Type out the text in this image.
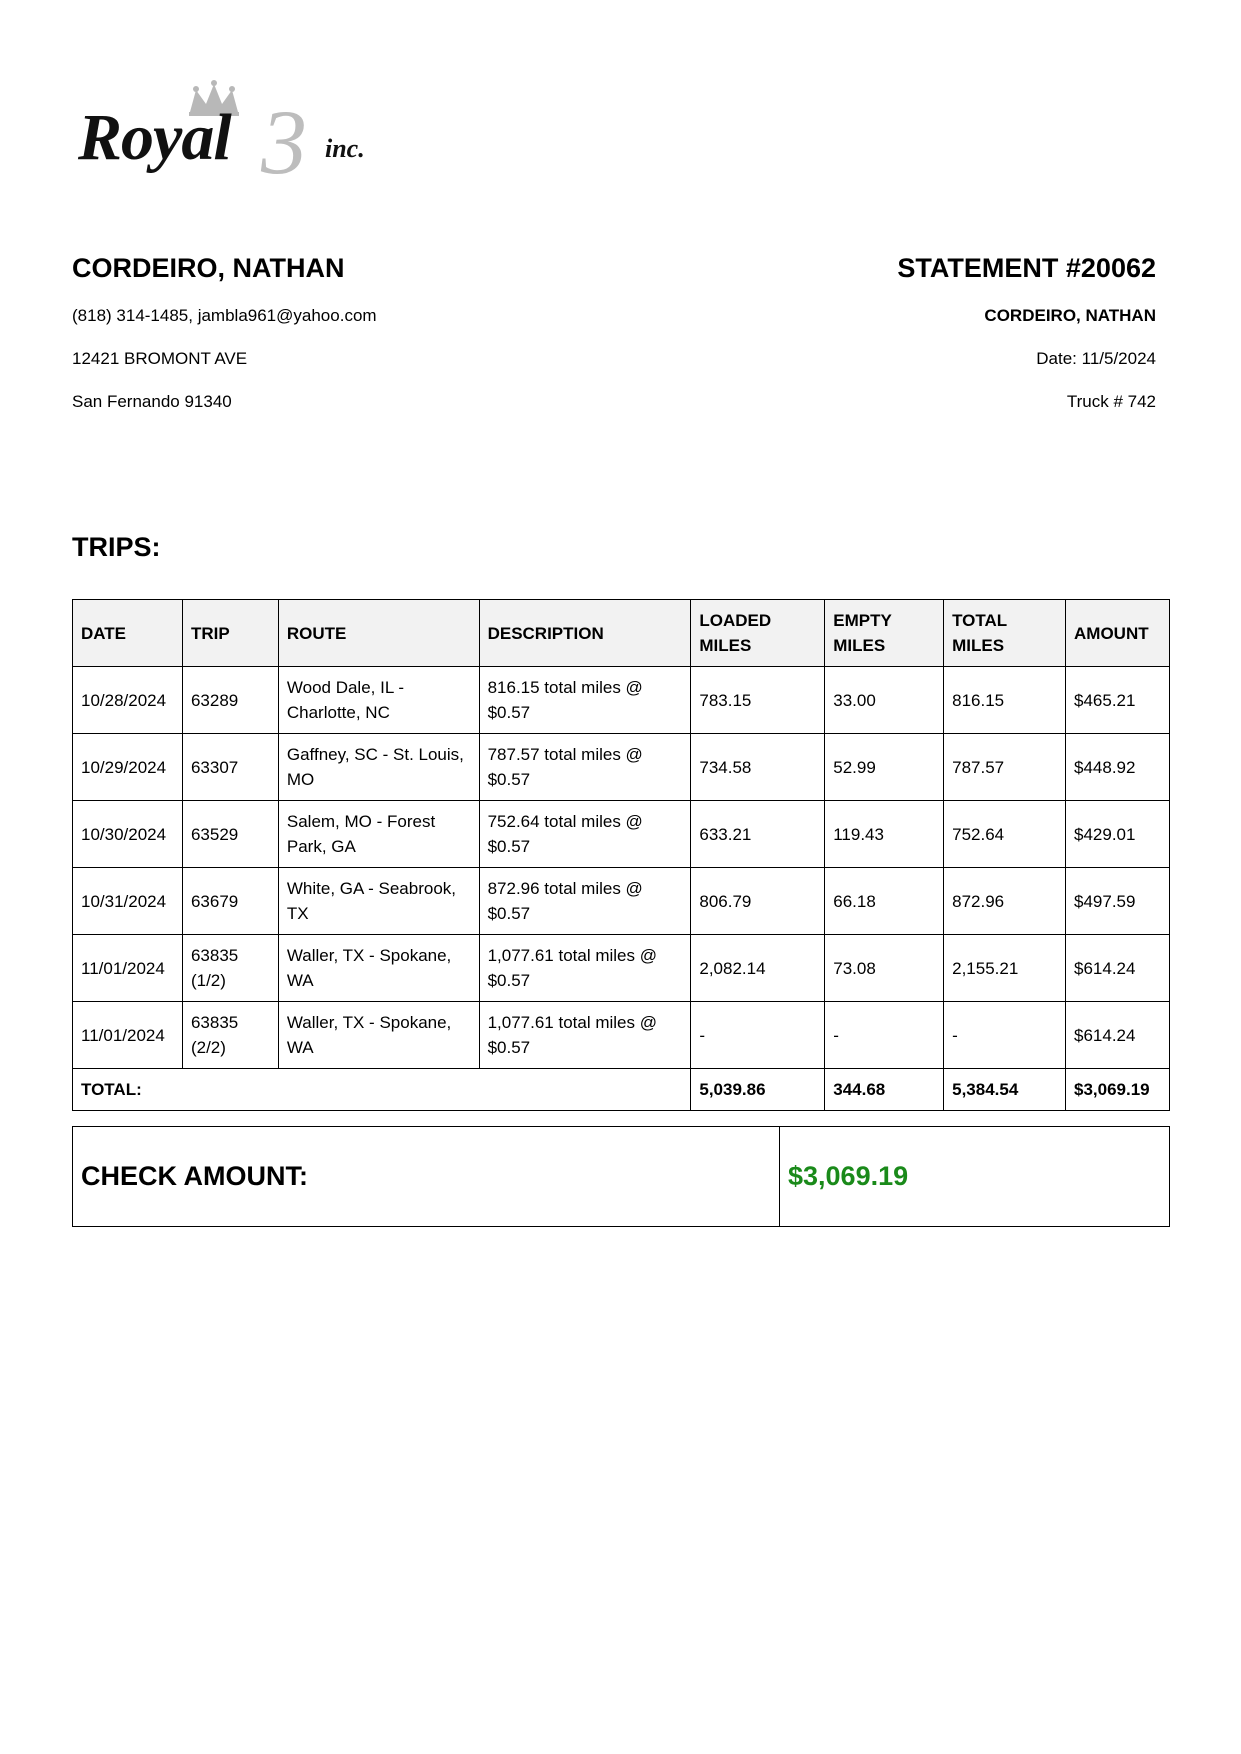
Royal 3 inc.
CORDEIRO, NATHAN
(818) 314-1485, jambla961@yahoo.com
12421 BROMONT AVE
San Fernando 91340
STATEMENT #20062
CORDEIRO, NATHAN
Date: 11/5/2024
Truck # 742
TRIPS:
DATE	TRIP	ROUTE	DESCRIPTION	LOADED MILES	EMPTY MILES	TOTAL MILES	AMOUNT
10/28/2024	63289	Wood Dale, IL - Charlotte, NC	816.15 total miles @ $0.57	783.15	33.00	816.15	$465.21
10/29/2024	63307	Gaffney, SC - St. Louis, MO	787.57 total miles @ $0.57	734.58	52.99	787.57	$448.92
10/30/2024	63529	Salem, MO - Forest Park, GA	752.64 total miles @ $0.57	633.21	119.43	752.64	$429.01
10/31/2024	63679	White, GA - Seabrook, TX	872.96 total miles @ $0.57	806.79	66.18	872.96	$497.59
11/01/2024	63835 (1/2)	Waller, TX - Spokane, WA	1,077.61 total miles @ $0.57	2,082.14	73.08	2,155.21	$614.24
11/01/2024	63835 (2/2)	Waller, TX - Spokane, WA	1,077.61 total miles @ $0.57	-	-	-	$614.24
TOTAL:				5,039.86	344.68	5,384.54	$3,069.19
CHECK AMOUNT:	$3,069.19
